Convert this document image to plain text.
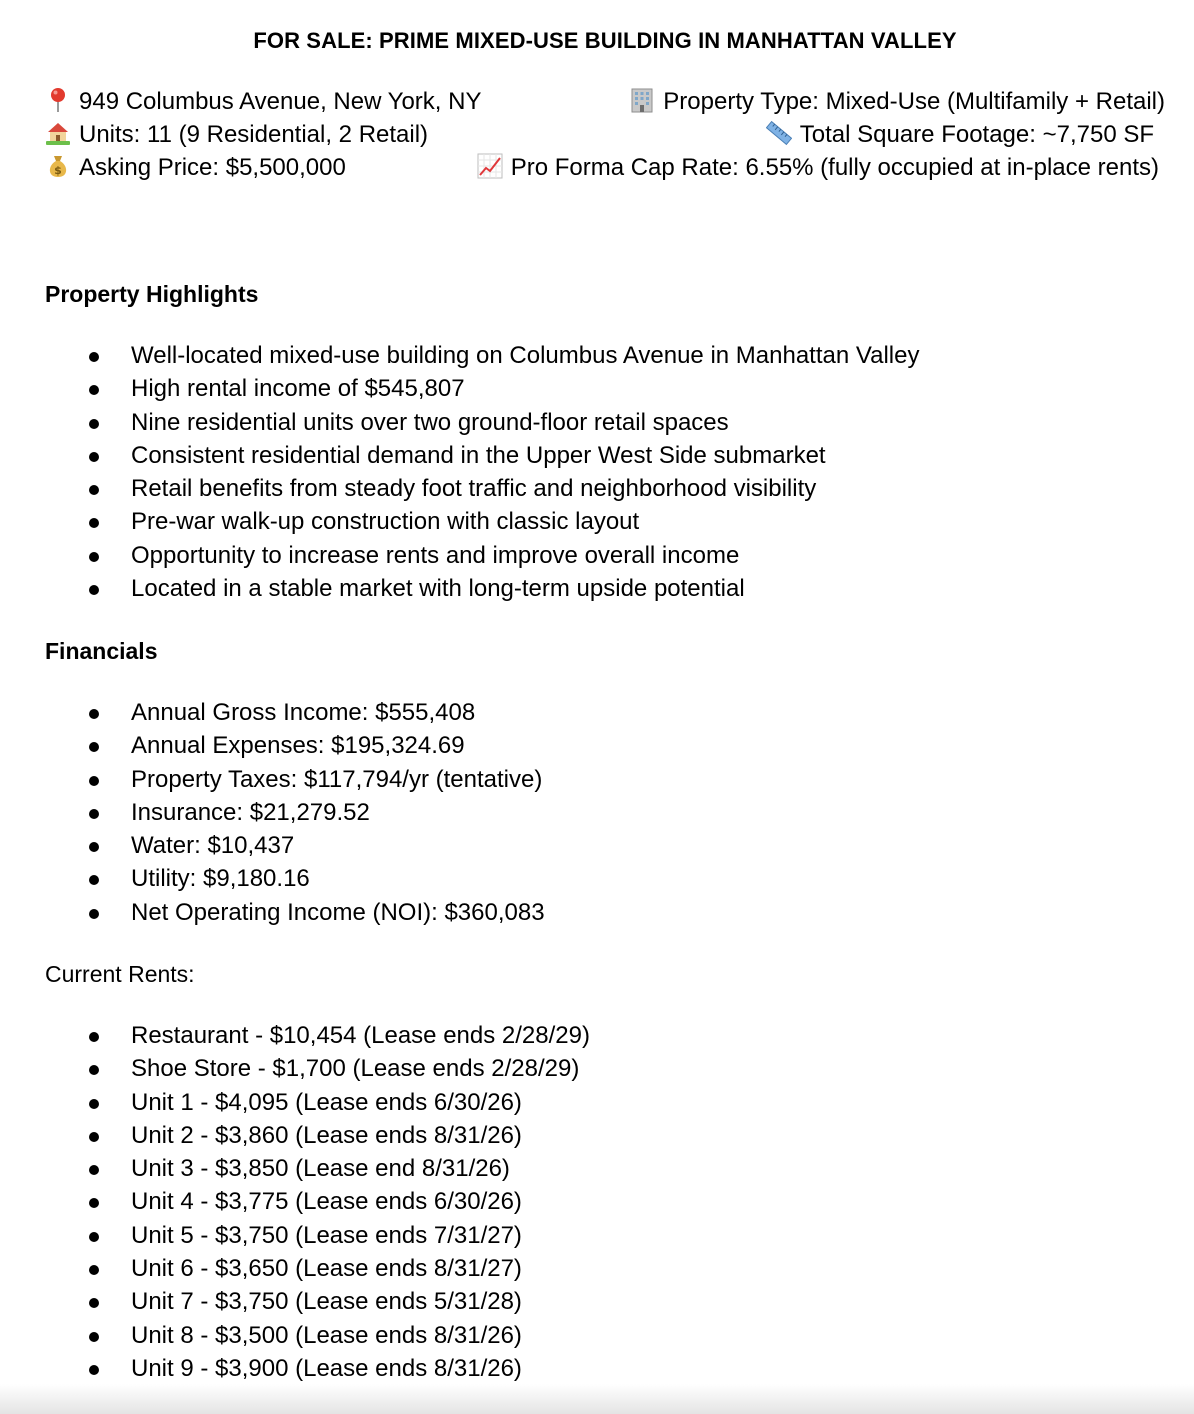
FOR SALE: PRIME MIXED-USE BUILDING IN MANHATTAN VALLEY
949 Columbus Avenue, New York, NY	Property Type: Mixed-Use (Multifamily + Retail)
Units: 11 (9 Residential, 2 Retail)	Total Square Footage: ~7,750 SF
$ Asking Price: $5,500,000	Pro Forma Cap Rate: 6.55% (fully occupied at in-place rents)
Property Highlights
Well-located mixed-use building on Columbus Avenue in Manhattan Valley
High rental income of $545,807
Nine residential units over two ground-floor retail spaces
Consistent residential demand in the Upper West Side submarket
Retail benefits from steady foot traffic and neighborhood visibility
Pre-war walk-up construction with classic layout
Opportunity to increase rents and improve overall income
Located in a stable market with long-term upside potential
Financials
Annual Gross Income: $555,408
Annual Expenses: $195,324.69
Property Taxes: $117,794/yr (tentative)
Insurance: $21,279.52
Water: $10,437
Utility: $9,180.16
Net Operating Income (NOI): $360,083
Current Rents:
Restaurant - $10,454 (Lease ends 2/28/29)
Shoe Store - $1,700 (Lease ends 2/28/29)
Unit 1 - $4,095 (Lease ends 6/30/26)
Unit 2 - $3,860 (Lease ends 8/31/26)
Unit 3 - $3,850 (Lease end 8/31/26)
Unit 4 - $3,775 (Lease ends 6/30/26)
Unit 5 - $3,750 (Lease ends 7/31/27)
Unit 6 - $3,650 (Lease ends 8/31/27)
Unit 7 - $3,750 (Lease ends 5/31/28)
Unit 8 - $3,500 (Lease ends 8/31/26)
Unit 9 - $3,900 (Lease ends 8/31/26)
